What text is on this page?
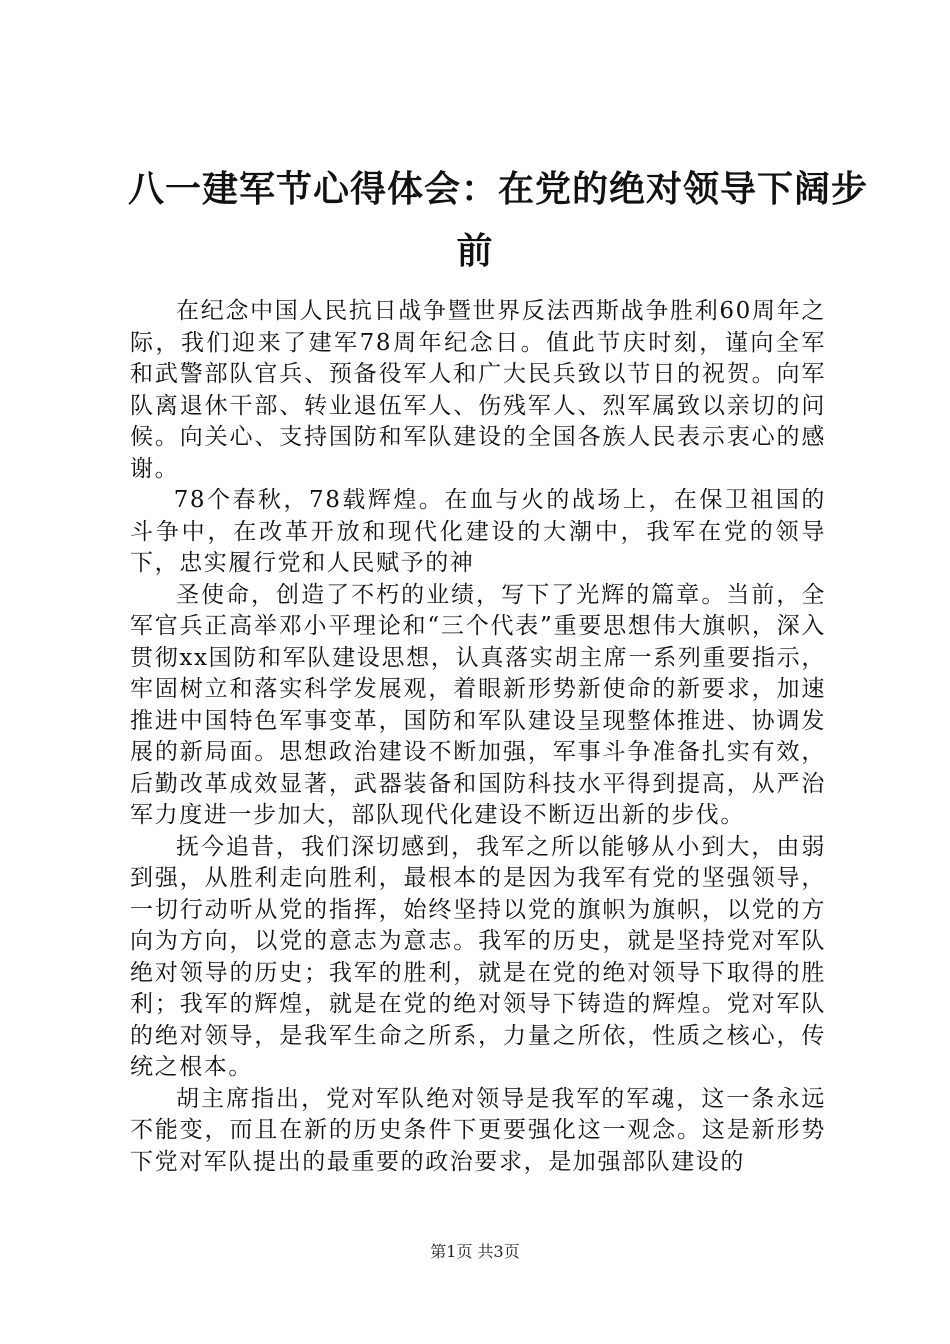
八一建军节心得体会：在党的绝对领导下阔步
前

在纪念中国人民抗日战争暨世界反法西斯战争胜利60周年之际，我们迎来了建军78周年纪念日。值此节庆时刻，谨向全军和武警部队官兵、预备役军人和广大民兵致以节日的祝贺。向军队离退休干部、转业退伍军人、伤残军人、烈军属致以亲切的问候。向关心、支持国防和军队建设的全国各族人民表示衷心的感谢。

78个春秋，78载辉煌。在血与火的战场上，在保卫祖国的斗争中，在改革开放和现代化建设的大潮中，我军在党的领导下，忠实履行党和人民赋予的神

圣使命，创造了不朽的业绩，写下了光辉的篇章。当前，全军官兵正高举邓小平理论和“三个代表”重要思想伟大旗帜，深入贯彻xx国防和军队建设思想，认真落实胡主席一系列重要指示，牢固树立和落实科学发展观，着眼新形势新使命的新要求，加速推进中国特色军事变革，国防和军队建设呈现整体推进、协调发展的新局面。思想政治建设不断加强，军事斗争准备扎实有效，后勤改革成效显著，武器装备和国防科技水平得到提高，从严治军力度进一步加大，部队现代化建设不断迈出新的步伐。

抚今追昔，我们深切感到，我军之所以能够从小到大，由弱到强，从胜利走向胜利，最根本的是因为我军有党的坚强领导，一切行动听从党的指挥，始终坚持以党的旗帜为旗帜，以党的方向为方向，以党的意志为意志。我军的历史，就是坚持党对军队绝对领导的历史；我军的胜利，就是在党的绝对领导下取得的胜利；我军的辉煌，就是在党的绝对领导下铸造的辉煌。党对军队的绝对领导，是我军生命之所系，力量之所依，性质之核心，传统之根本。

胡主席指出，党对军队绝对领导是我军的军魂，这一条永远不能变，而且在新的历史条件下更要强化这一观念。这是新形势下党对军队提出的最重要的政治要求，是加强部队建设的

第1页 共3页
